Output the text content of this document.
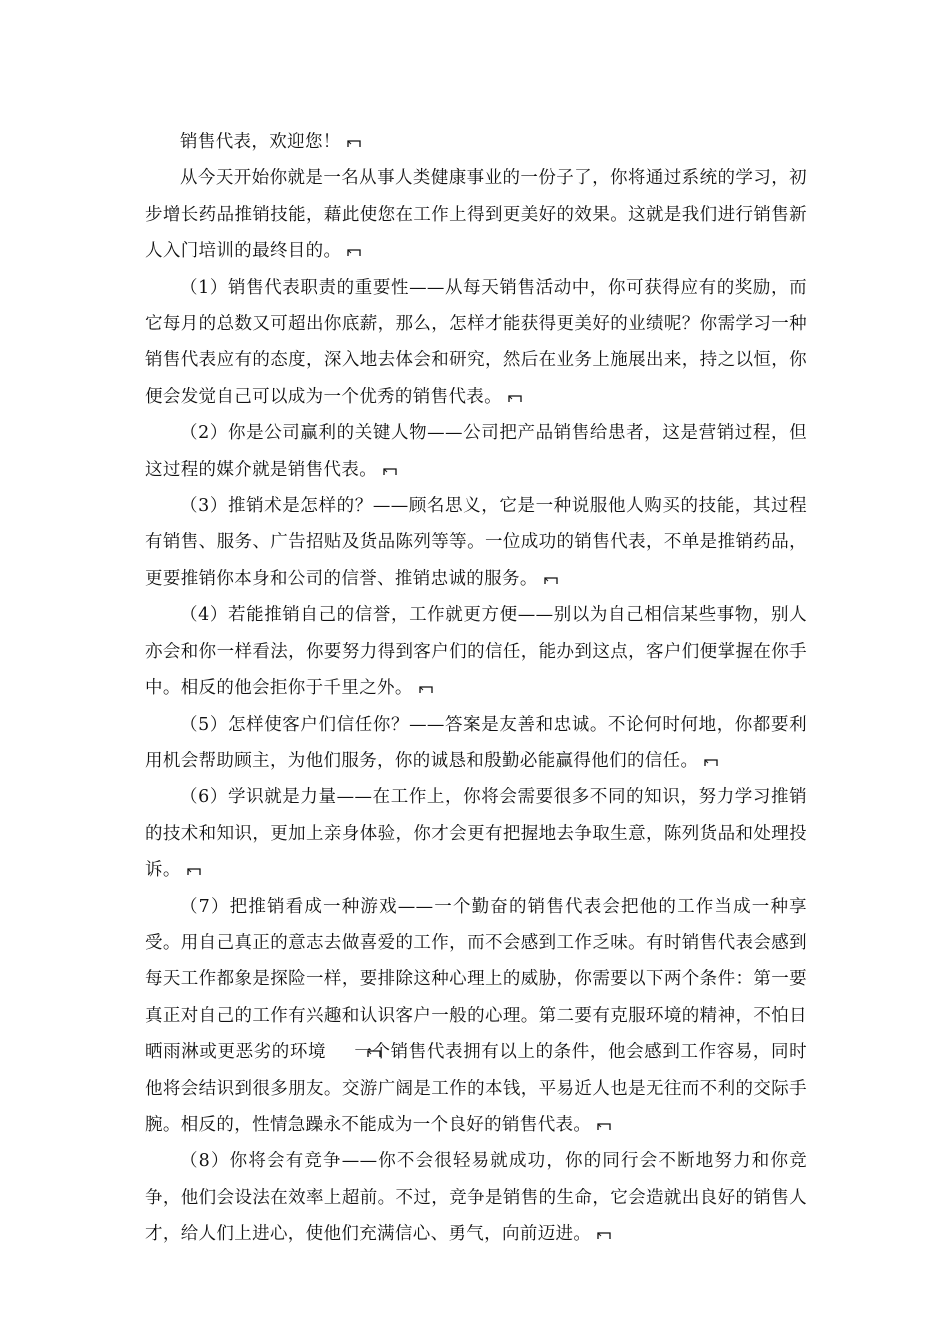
销售代表，欢迎您！

从今天开始你就是一名从事人类健康事业的一份子了，你将通过系统的学习，初步增长药品推销技能，藉此使您在工作上得到更美好的效果。这就是我们进行销售新人入门培训的最终目的。

（1）销售代表职责的重要性——从每天销售活动中，你可获得应有的奖励，而它每月的总数又可超出你底薪，那么，怎样才能获得更美好的业绩呢？你需学习一种销售代表应有的态度，深入地去体会和研究，然后在业务上施展出来，持之以恒，你便会发觉自己可以成为一个优秀的销售代表。

（2）你是公司赢利的关键人物——公司把产品销售给患者，这是营销过程，但这过程的媒介就是销售代表。

（3）推销术是怎样的？——顾名思义，它是一种说服他人购买的技能，其过程有销售、服务、广告招贴及货品陈列等等。一位成功的销售代表，不单是推销药品，更要推销你本身和公司的信誉、推销忠诚的服务。

（4）若能推销自己的信誉，工作就更方便——别以为自己相信某些事物，别人亦会和你一样看法，你要努力得到客户们的信任，能办到这点，客户们便掌握在你手中。相反的他会拒你于千里之外。

（5）怎样使客户们信任你？——答案是友善和忠诚。不论何时何地，你都要利用机会帮助顾主，为他们服务，你的诚恳和殷勤必能赢得他们的信任。

（6）学识就是力量——在工作上，你将会需要很多不同的知识，努力学习推销的技术和知识，更加上亲身体验，你才会更有把握地去争取生意，陈列货品和处理投诉。

（7）把推销看成一种游戏——一个勤奋的销售代表会把他的工作当成一种享受。用自己真正的意志去做喜爱的工作，而不会感到工作乏味。有时销售代表会感到每天工作都象是探险一样，要排除这种心理上的威胁，你需要以下两个条件：第一要真正对自己的工作有兴趣和认识客户一般的心理。第二要有克服环境的精神，不怕日晒雨淋或更恶劣的环境 一个销售代表拥有以上的条件，他会感到工作容易，同时他将会结识到很多朋友。交游广阔是工作的本钱，平易近人也是无往而不利的交际手腕。相反的，性情急躁永不能成为一个良好的销售代表。

（8）你将会有竞争——你不会很轻易就成功，你的同行会不断地努力和你竞争，他们会设法在效率上超前。不过，竞争是销售的生命，它会造就出良好的销售人才，给人们上进心，使他们充满信心、勇气，向前迈进。
